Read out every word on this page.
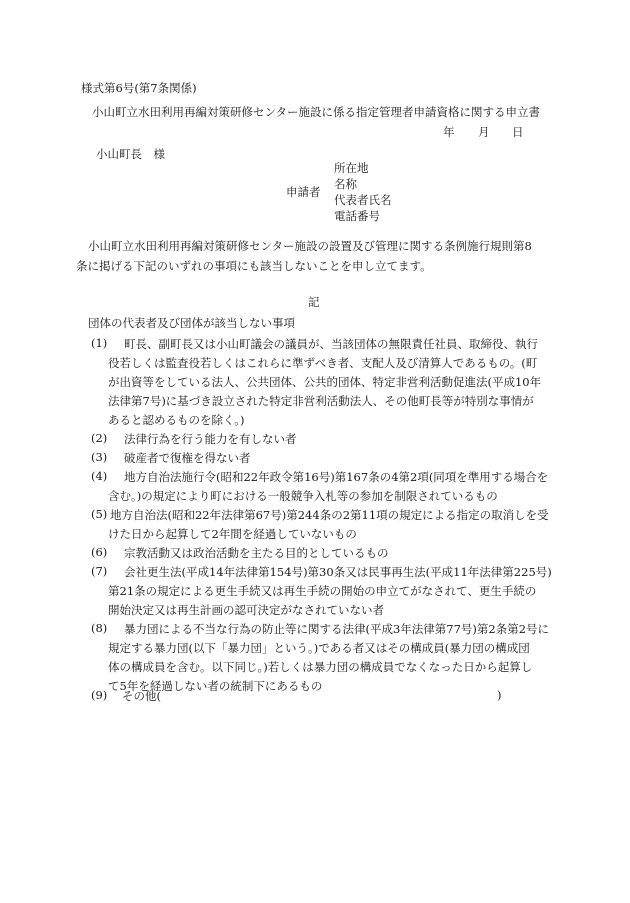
様式第6号(第7条関係)
小山町立水田利用再編対策研修センター施設に係る指定管理者申請資格に関する申立書
年 月 日
小山町長　様
申請者
所在地
名称
代表者氏名
電話番号
小山町立水田利用再編対策研修センター施設の設置及び管理に関する条例施行規則第8
条に掲げる下記のいずれの事項にも該当しないことを申し立てます。
記
団体の代表者及び団体が該当しない事項
(1) 町長、副町長又は小山町議会の議員が、当該団体の無限責任社員、取締役、執行
役若しくは監査役若しくはこれらに準ずべき者、支配人及び清算人であるもの。(町
が出資等をしている法人、公共団体、公共的団体、特定非営利活動促進法(平成10年
法律第7号)に基づき設立された特定非営利活動法人、その他町長等が特別な事情が
あると認めるものを除く。)
(2) 法律行為を行う能力を有しない者
(3) 破産者で復権を得ない者
(4) 地方自治法施行令(昭和22年政令第16号)第167条の4第2項(同項を準用する場合を
含む。)の規定により町における一般競争入札等の参加を制限されているもの
(5) 地方自治法(昭和22年法律第67号)第244条の2第11項の規定による指定の取消しを受
けた日から起算して2年間を経過していないもの
(6) 宗教活動又は政治活動を主たる目的としているもの
(7) 会社更生法(平成14年法律第154号)第30条又は民事再生法(平成11年法律第225号)
第21条の規定による更生手続又は再生手続の開始の申立てがなされて、更生手続の
開始決定又は再生計画の認可決定がなされていない者
(8) 暴力団による不当な行為の防止等に関する法律(平成3年法律第77号)第2条第2号に
規定する暴力団(以下「暴力団」という。)である者又はその構成員(暴力団の構成団
体の構成員を含む。以下同じ。)若しくは暴力団の構成員でなくなった日から起算し
て5年を経過しない者の統制下にあるもの
(9) その他(	)
